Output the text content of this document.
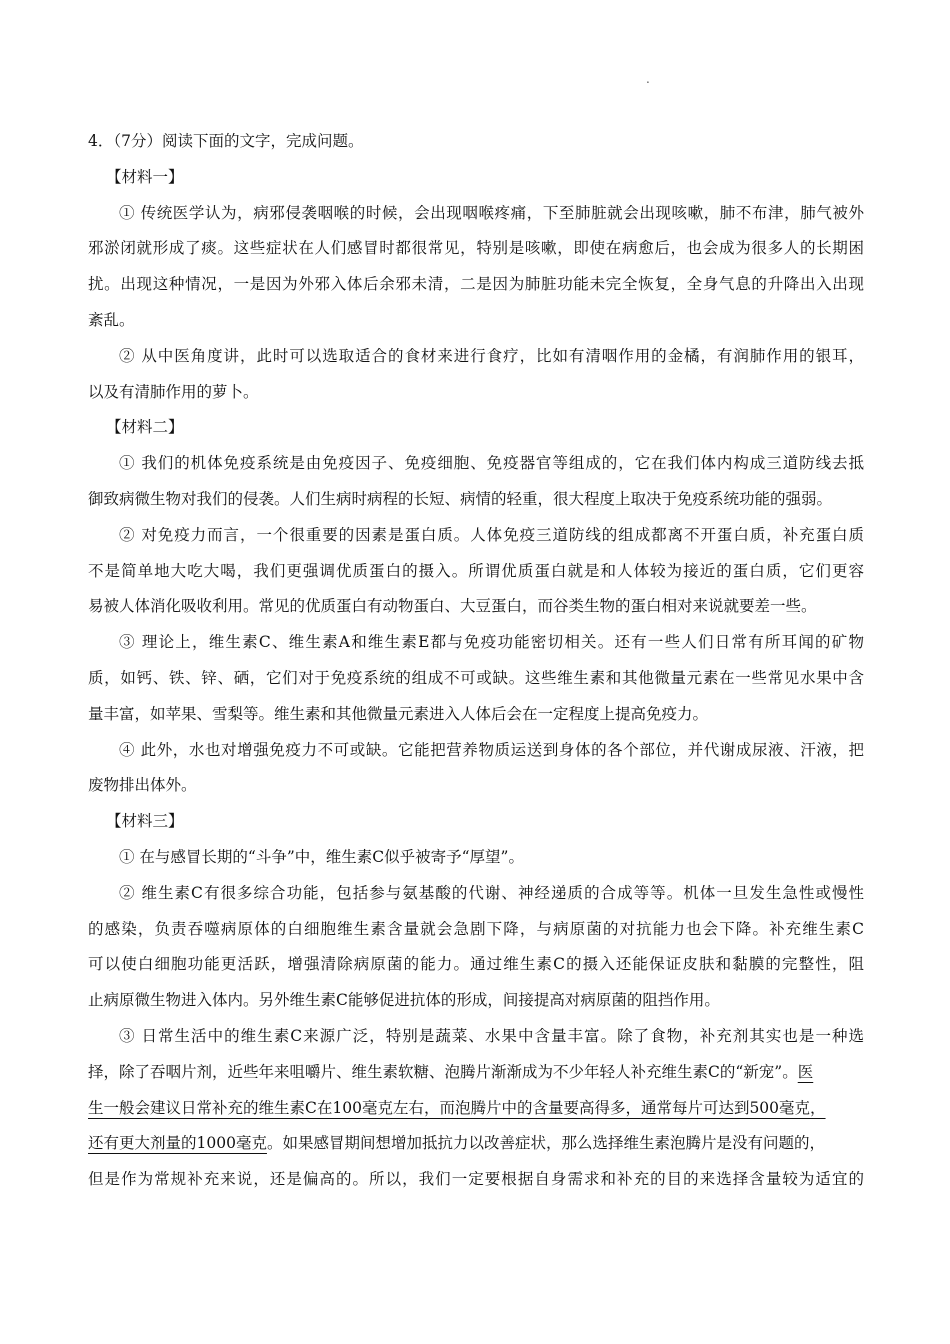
.
4．（7分）阅读下面的文字，完成问题。
【材料一】
① 传统医学认为，病邪侵袭咽喉的时候，会出现咽喉疼痛，下至肺脏就会出现咳嗽，肺不布津，肺气被外
邪淤闭就形成了痰。这些症状在人们感冒时都很常见，特别是咳嗽，即使在病愈后，也会成为很多人的长期困
扰。出现这种情况，一是因为外邪入体后余邪未清，二是因为肺脏功能未完全恢复，全身气息的升降出入出现
紊乱。
② 从中医角度讲，此时可以选取适合的食材来进行食疗，比如有清咽作用的金橘，有润肺作用的银耳，
以及有清肺作用的萝卜。
【材料二】
① 我们的机体免疫系统是由免疫因子、免疫细胞、免疫器官等组成的，它在我们体内构成三道防线去抵
御致病微生物对我们的侵袭。人们生病时病程的长短、病情的轻重，很大程度上取决于免疫系统功能的强弱。
② 对免疫力而言，一个很重要的因素是蛋白质。人体免疫三道防线的组成都离不开蛋白质，补充蛋白质
不是简单地大吃大喝，我们更强调优质蛋白的摄入。所谓优质蛋白就是和人体较为接近的蛋白质，它们更容
易被人体消化吸收利用。常见的优质蛋白有动物蛋白、大豆蛋白，而谷类生物的蛋白相对来说就要差一些。
③ 理论上，维生素C、维生素A和维生素E都与免疫功能密切相关。还有一些人们日常有所耳闻的矿物
质，如钙、铁、锌、硒，它们对于免疫系统的组成不可或缺。这些维生素和其他微量元素在一些常见水果中含
量丰富，如苹果、雪梨等。维生素和其他微量元素进入人体后会在一定程度上提高免疫力。
④ 此外，水也对增强免疫力不可或缺。它能把营养物质运送到身体的各个部位，并代谢成尿液、汗液，把
废物排出体外。
【材料三】
① 在与感冒长期的“斗争”中，维生素C似乎被寄予“厚望”。
② 维生素C有很多综合功能，包括参与氨基酸的代谢、神经递质的合成等等。机体一旦发生急性或慢性
的感染，负责吞噬病原体的白细胞维生素含量就会急剧下降，与病原菌的对抗能力也会下降。补充维生素C
可以使白细胞功能更活跃，增强清除病原菌的能力。通过维生素C的摄入还能保证皮肤和黏膜的完整性，阻
止病原微生物进入体内。另外维生素C能够促进抗体的形成，间接提高对病原菌的阻挡作用。
③ 日常生活中的维生素C来源广泛，特别是蔬菜、水果中含量丰富。除了食物，补充剂其实也是一种选
择，除了吞咽片剂，近些年来咀嚼片、维生素软糖、泡腾片渐渐成为不少年轻人补充维生素C的“新宠”。医
生一般会建议日常补充的维生素C在100毫克左右，而泡腾片中的含量要高得多，通常每片可达到500毫克，
还有更大剂量的1000毫克。如果感冒期间想增加抵抗力以改善症状，那么选择维生素泡腾片是没有问题的，
但是作为常规补充来说，还是偏高的。所以，我们一定要根据自身需求和补充的目的来选择含量较为适宜的
